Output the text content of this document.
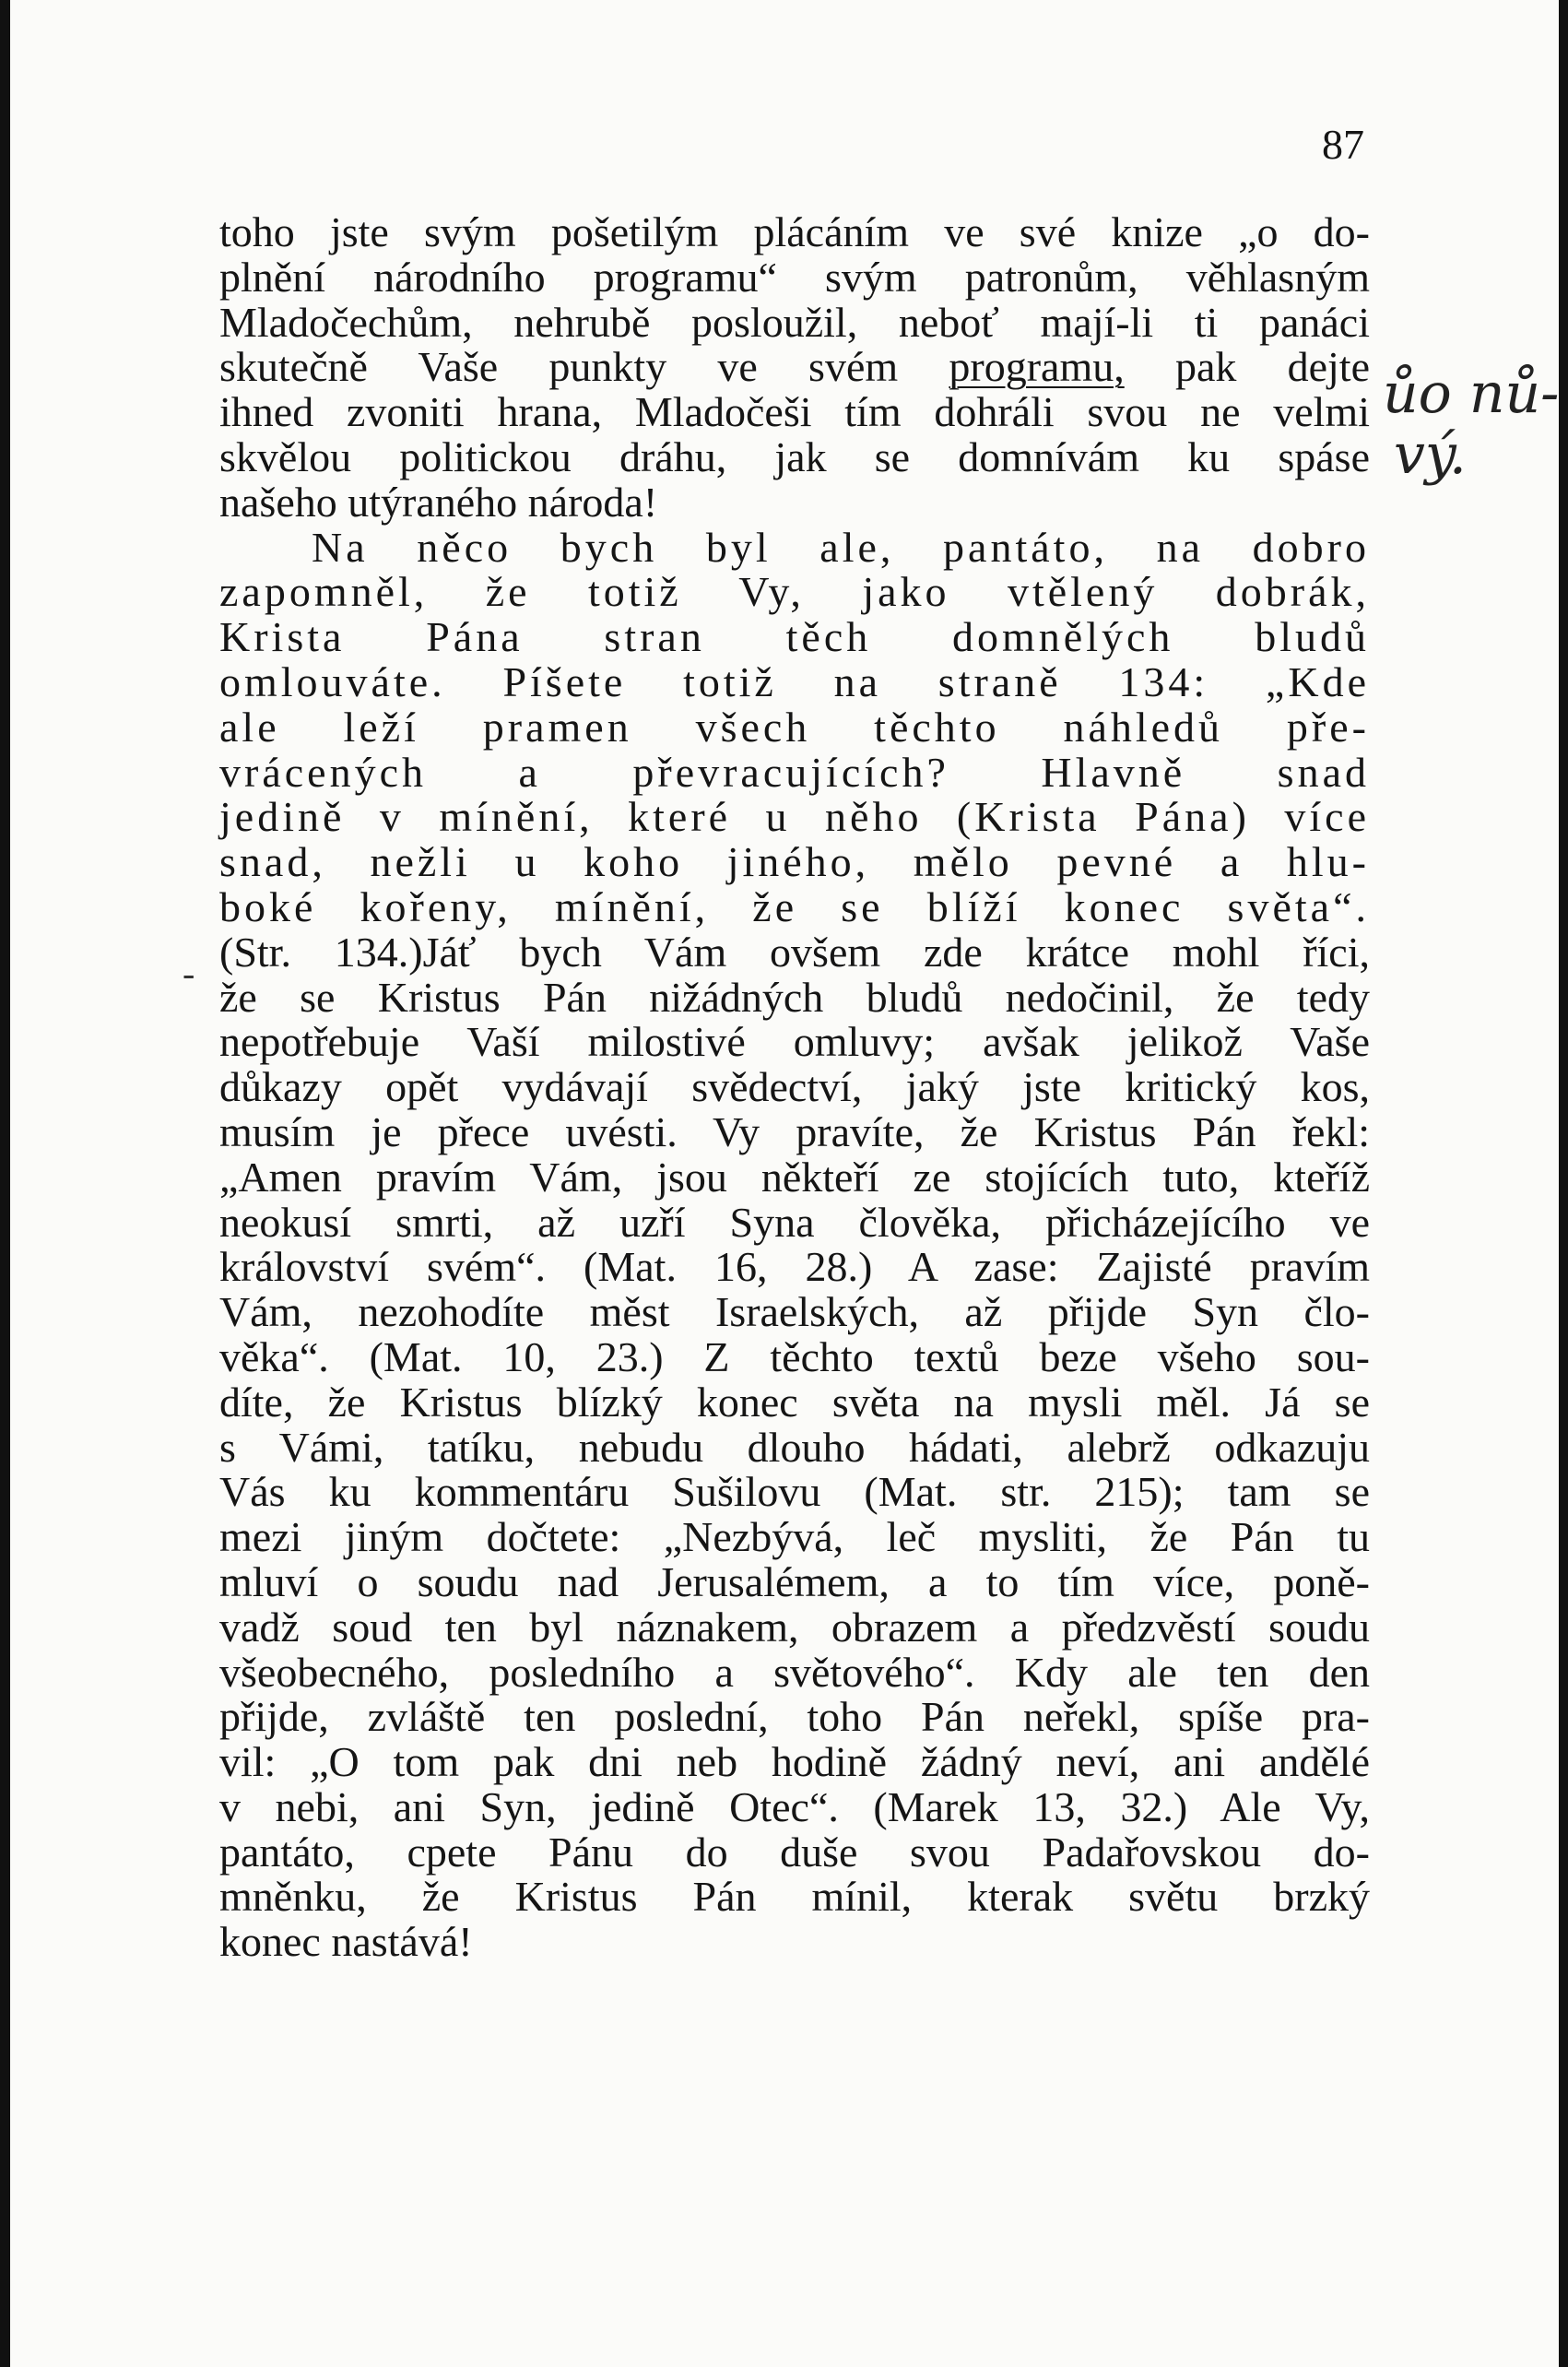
87
toho jste svým pošetilým plácáním ve své knize „o do-
plnění národního programu“ svým patronům, věhlasným
Mladočechům, nehrubě posloužil, neboť mají-li ti panáci
skutečně Vaše punkty ve svém programu, pak dejte
ihned zvoniti hrana, Mladočeši tím dohráli svou ne velmi
skvělou politickou dráhu, jak se domnívám ku spáse
našeho utýraného národa!
Na něco bych byl ale, pantáto, na dobro
zapomněl, že totiž Vy, jako vtělený dobrák,
Krista Pána stran těch domnělých bludů
omlouváte. Píšete totiž na straně 134: „Kde
ale leží pramen všech těchto náhledů pře-
vrácených a převracujících? Hlavně snad
jedině v mínění, které u něho (Krista Pána) více
snad, nežli u koho jiného, mělo pevné a hlu-
boké kořeny, mínění, že se blíží konec světa“.
(Str. 134.)Jáť bych Vám ovšem zde krátce mohl říci,
že se Kristus Pán nižádných bludů nedočinil, že tedy
nepotřebuje Vaší milostivé omluvy; avšak jelikož Vaše
důkazy opět vydávají svědectví, jaký jste kritický kos,
musím je přece uvésti. Vy pravíte, že Kristus Pán řekl:
„Amen pravím Vám, jsou někteří ze stojících tuto, kteříž
neokusí smrti, až uzří Syna člověka, přicházejícího ve
království svém“. (Mat. 16, 28.) A zase: Zajisté pravím
Vám, nezohodíte měst Israelských, až přijde Syn člo-
věka“. (Mat. 10, 23.) Z těchto textů beze všeho sou-
díte, že Kristus blízký konec světa na mysli měl. Já se
s Vámi, tatíku, nebudu dlouho hádati, alebrž odkazuju
Vás ku kommentáru Sušilovu (Mat. str. 215); tam se
mezi jiným dočtete: „Nezbývá, leč mysliti, že Pán tu
mluví o soudu nad Jerusalémem, a to tím více, poně-
vadž soud ten byl náznakem, obrazem a předzvěstí soudu
všeobecného, posledního a světového“. Kdy ale ten den
přijde, zvláště ten poslední, toho Pán neřekl, spíše pra-
vil: „O tom pak dni neb hodině žádný neví, ani andělé
v nebi, ani Syn, jedině Otec“. (Marek 13, 32.) Ale Vy,
pantáto, cpete Pánu do duše svou Padařovskou do-
mněnku, že Kristus Pán mínil, kterak světu brzký
konec nastává!
ůo nů-
vý.
-
